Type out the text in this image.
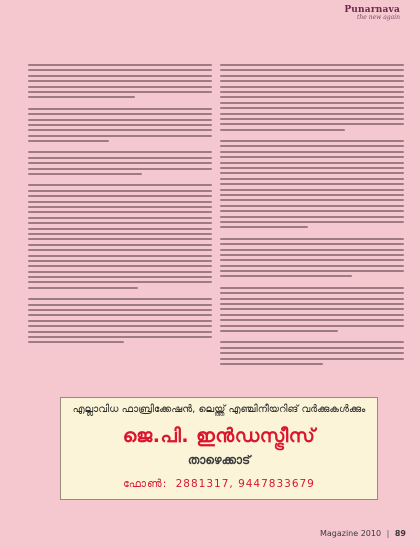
Punarnava
the new again
എല്ലാവിധ ഫാബ്രിക്കേഷൻ, ലെയ്ത്ത് എഞ്ചിനീയറിങ് വർക്കുകൾക്കും
ജെ.പി. ഇൻഡസ്ട്രീസ്
താഴെക്കാട്
ഫോൺ: 2881317, 9447833679
Magazine 2010 | 89
